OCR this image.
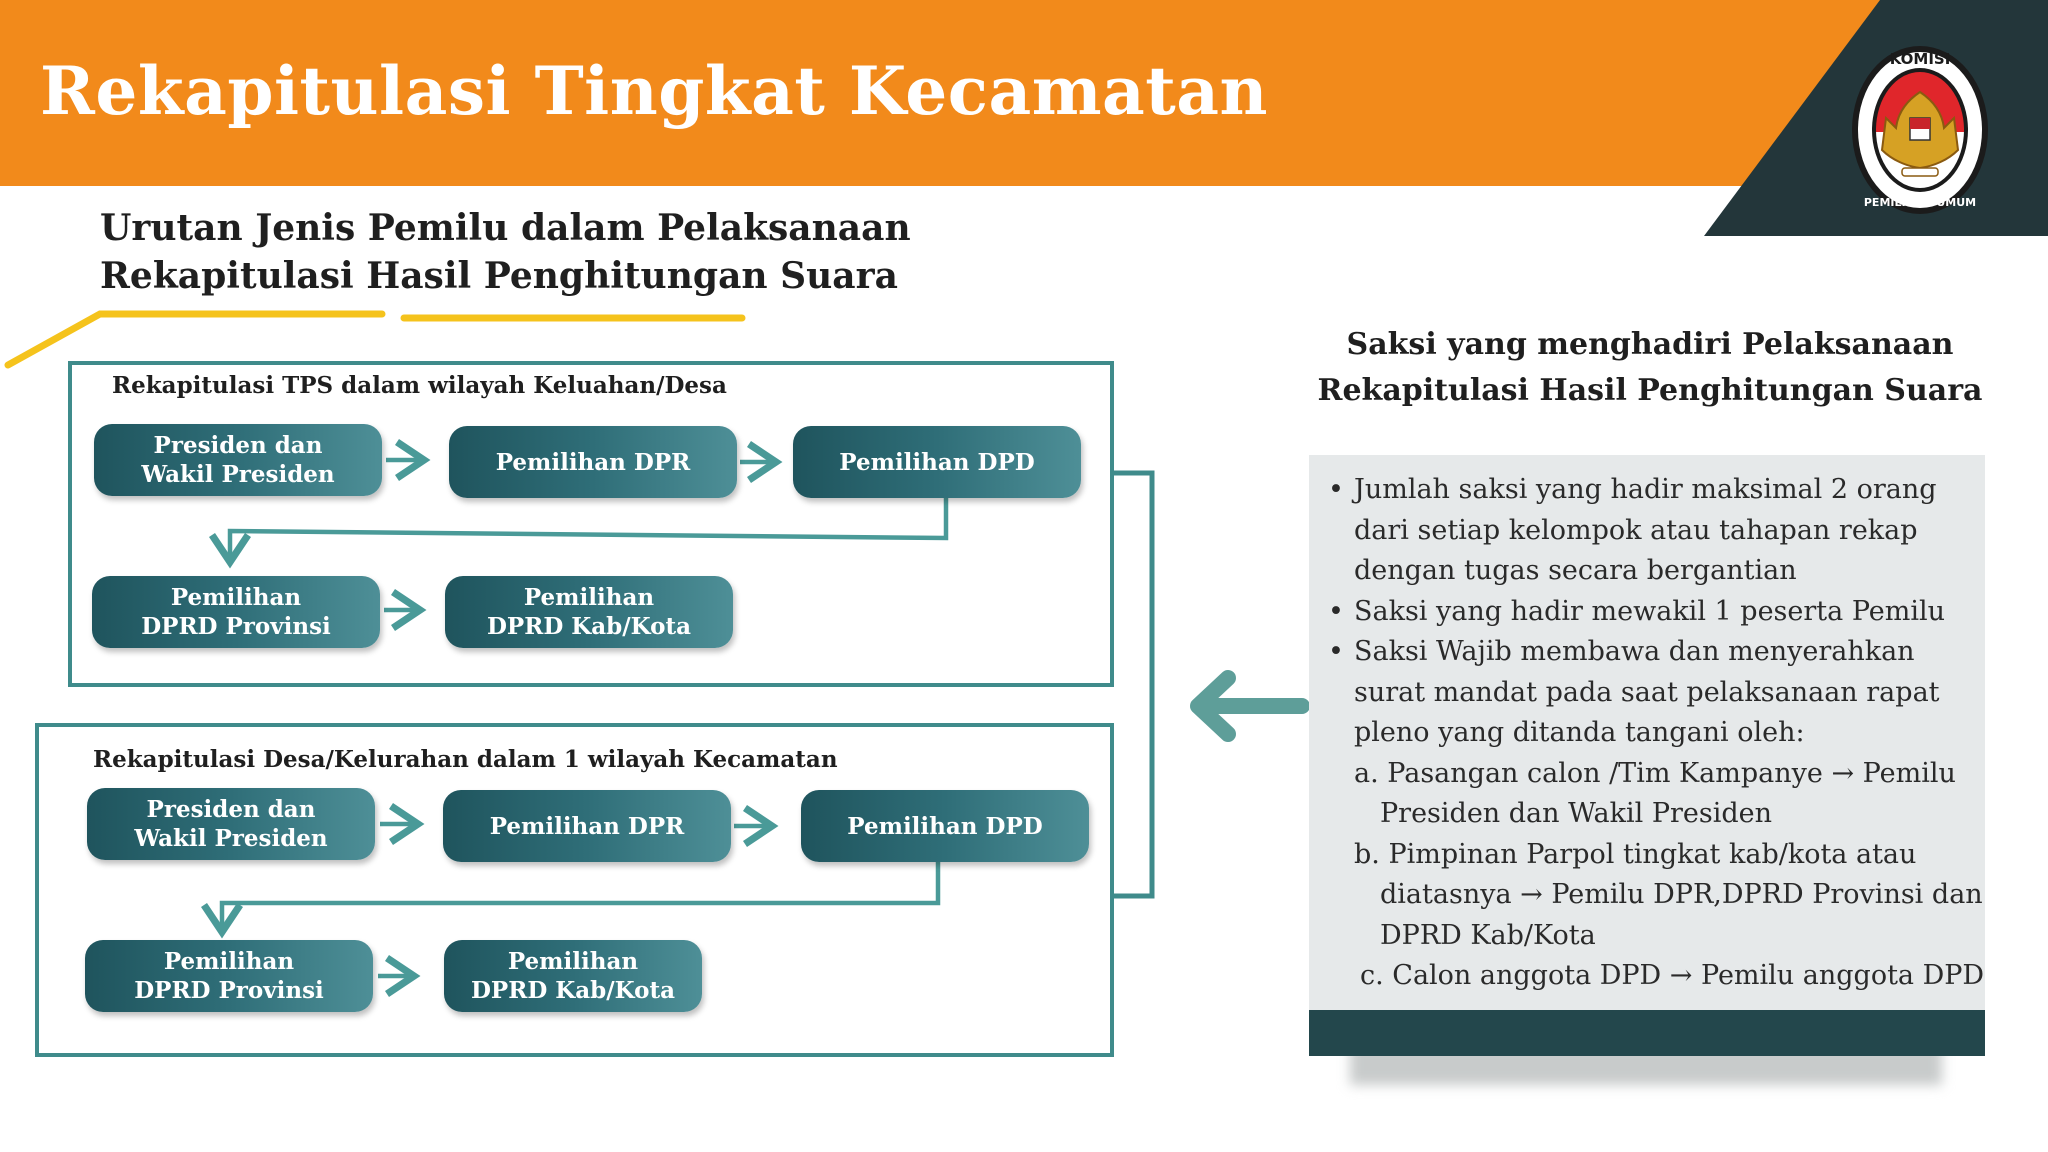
Rekapitulasi Tingkat Kecamatan	KOMISI
PEMILIHAN UMUM
Urutan Jenis Pemilu dalam Pelaksanaan
Rekapitulasi Hasil Penghitungan Suara
Rekapitulasi TPS dalam wilayah Keluahan/Desa
Presiden dan
Wakil Presiden	Pemilihan DPR	Pemilihan DPD
Pemilihan
DPRD Provinsi
Pemilihan
DPRD Kab/Kota
Rekapitulasi Desa/Kelurahan dalam 1 wilayah Kecamatan
Presiden dan
Wakil Presiden	Pemilihan DPR	Pemilihan DPD
Pemilihan
DPRD Provinsi
Pemilihan
DPRD Kab/Kota
Saksi yang menghadiri Pelaksanaan
Rekapitulasi Hasil Penghitungan Suara
• Jumlah saksi yang hadir maksimal 2 orang
dari setiap kelompok atau tahapan rekap
dengan tugas secara bergantian
• Saksi yang hadir mewakil 1 peserta Pemilu
• Saksi Wajib membawa dan menyerahkan
surat mandat pada saat pelaksanaan rapat
pleno yang ditanda tangani oleh:
a. Pasangan calon /Tim Kampanye → Pemilu
Presiden dan Wakil Presiden
b. Pimpinan Parpol tingkat kab/kota atau
diatasnya → Pemilu DPR,DPRD Provinsi dan
DPRD Kab/Kota
c. Calon anggota DPD → Pemilu anggota DPD
